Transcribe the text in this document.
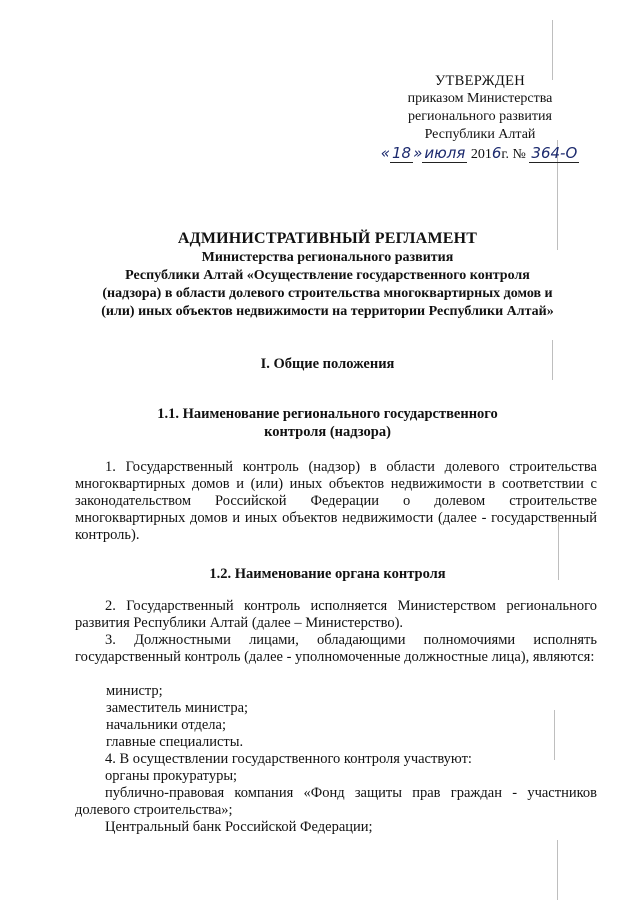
УТВЕРЖДЕН
приказом Министерства
регионального развития
Республики Алтай
« 18 » июля 2016г. № 364-О
АДМИНИСТРАТИВНЫЙ РЕГЛАМЕНТ
Министерства регионального развития
Республики Алтай «Осуществление государственного контроля
(надзора) в области долевого строительства многоквартирных домов и
(или) иных объектов недвижимости на территории Республики Алтай»
I. Общие положения
1.1. Наименование регионального государственного
контроля (надзора)

1. Государственный контроль (надзор) в области долевого строительства многоквартирных домов и (или) иных объектов недвижимости в соответствии с законодательством Российской Федерации о долевом строительстве многоквартирных домов и иных объектов недвижимости (далее - государственный контроль).

1.2. Наименование органа контроля

2. Государственный контроль исполняется Министерством регионального развития Республики Алтай (далее – Министерство).

3. Должностными лицами, обладающими полномочиями исполнять государственный контроль (далее - уполномоченные должностные лица), являются:

министр;
заместитель министра;
начальники отдела;
главные специалисты.

4. В осуществлении государственного контроля участвуют:

органы прокуратуры;

публично-правовая компания «Фонд защиты прав граждан - участников долевого строительства»;

Центральный банк Российской Федерации;
